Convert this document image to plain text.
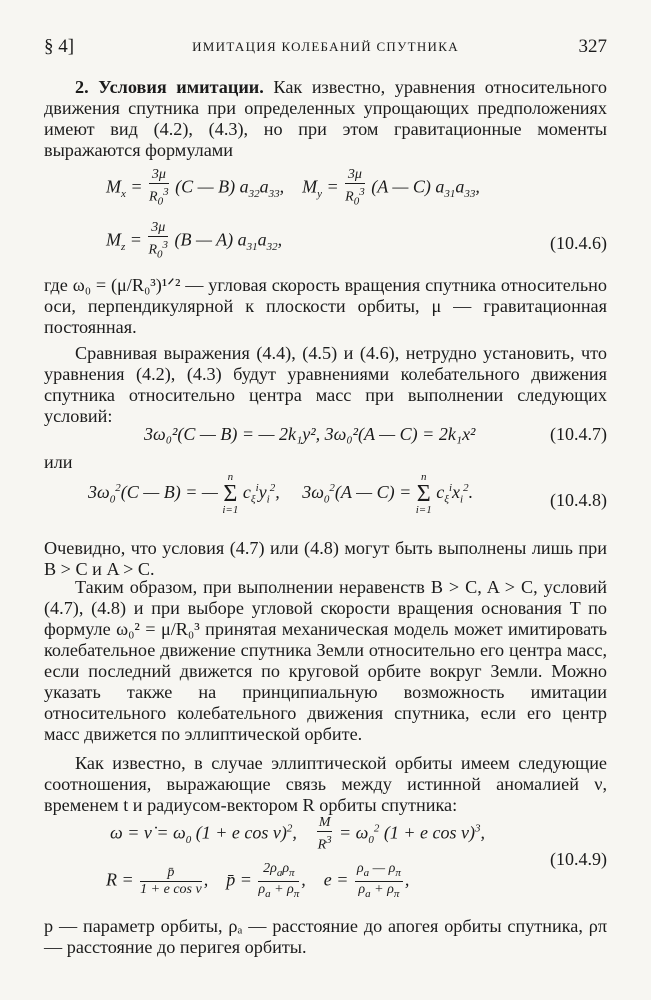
§ 4]	ИМИТАЦИЯ КОЛЕБАНИЙ СПУТНИКА	327
2. Условия имитации. Как известно, уравнения относительного движения спутника при определенных упрощающих предположениях имеют вид (4.2), (4.3), но при этом гравитационные моменты выражаются формулами
$M_x = \frac{3\mu}{R_0^3} (C$ — B) $a_{32}a_{33}$,    $M_y = \frac{3\mu}{R_0^3} (A$ — C) $a_{31}a_{33}$,
$M_z = \frac{3\mu}{R_0^3} (B$ — A) $a_{31}a_{32}$,	(10.4.6)
где ω₀ = (μ/R₀³)¹ᐟ² — угловая скорость вращения спутника относительно оси, перпендикулярной к плоскости орбиты, μ — гравитационная постоянная.
Сравнивая выражения (4.4), (4.5) и (4.6), нетрудно установить, что уравнения (4.2), (4.3) будут уравнениями колебательного движения спутника относительно центра масс при выполнении следующих условий:
3ω₀²(C — B) = — 2k₁y², 3ω₀²(A — C) = 2k₁x²	(10.4.7)
или
$3\omega_0^2(C$ — B) = — n
Σ
i=1 $c_\xi^iy_i^2$,     $3\omega_0^2(A$ — C) = n
Σ
i=1 $c_\xi^ix_i^2$.	(10.4.8)
Очевидно, что условия (4.7) или (4.8) могут быть выполнены лишь при B > C и A > C.
Таким образом, при выполнении неравенств B > C, A > C, условий (4.7), (4.8) и при выборе угловой скорости вращения основания T по формуле ω₀² = μ/R₀³ принятая механическая модель может имитировать колебательное движение спутника Земли относительно его центра масс, если последний движется по круговой орбите вокруг Земли. Можно указать также на принципиальную возможность имитации относительного колебательного движения спутника, если его центр масс движется по эллиптической орбите.
Как известно, в случае эллиптической орбиты имеем следующие соотношения, выражающие связь между истинной аномалией ν, временем t и радиусом-вектором R орбиты спутника:
ω = ν̇ = $\omega_0$ (1 + e cos ν)$^2$, $\frac{M}{R^3} = \omega_0^2$ (1 + e cos ν)$^3$,
$R = \frac{p̄}{\text{1 + e cos ν}}$ ,    p̄ = $\frac{2\rho_a\rho_\pi}{\rho_a + \rho_\pi}$ ,    $e = \frac{\rho_a — \rho_\pi}{\rho_a + \rho_\pi}$ ,
(10.4.9)
p — параметр орбиты, ρₐ — расстояние до апогея орбиты спутника, ρπ — расстояние до перигея орбиты.
